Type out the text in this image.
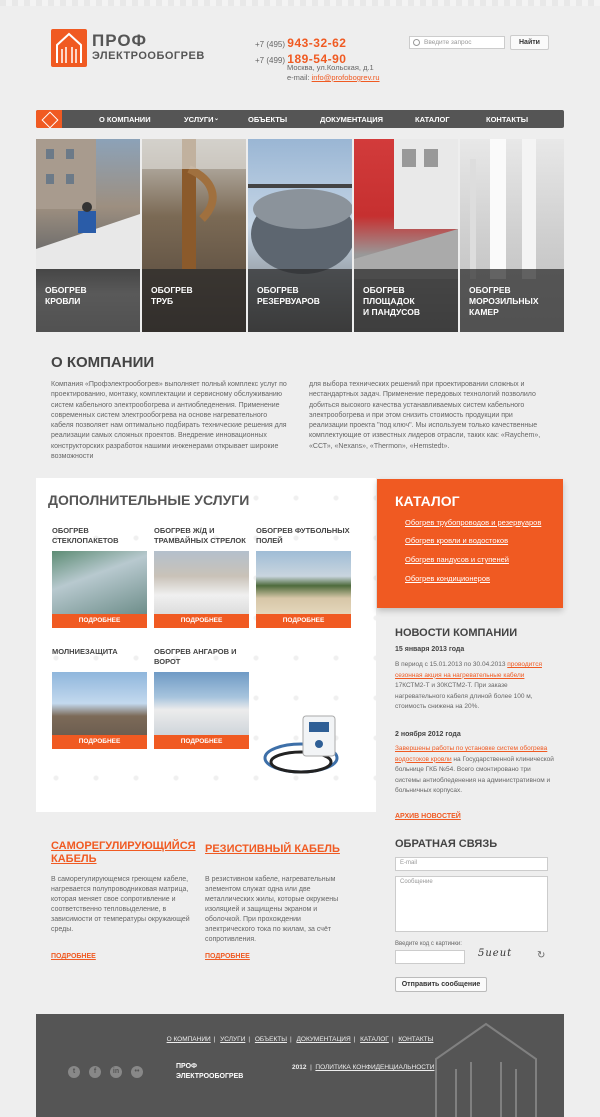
ПРОФ
ЭЛЕКТРООБОГРЕВ
+7 (495) 943-32-62
+7 (499) 189-54-90
Москва, ул.Кольская, д.1
e-mail: info@profobogrev.ru
Введите запрос	Найти
О КОМПАНИИ	УСЛУГИ ⌄	ОБЪЕКТЫ	ДОКУМЕНТАЦИЯ	КАТАЛОГ	КОНТАКТЫ
ОБОГРЕВ
КРОВЛИ
ОБОГРЕВ
ТРУБ
ОБОГРЕВ
РЕЗЕРВУАРОВ
ОБОГРЕВ
ПЛОЩАДОК
И ПАНДУСОВ
ОБОГРЕВ
МОРОЗИЛЬНЫХ
КАМЕР
О КОМПАНИИ
Компания «Профэлектрообогрев» выполняет полный комплекс услуг по проектированию, монтажу, комплектации и сервисному обслуживанию систем кабельного электрообогрева и антиобледенения. Применение современных систем электрообогрева на основе нагревательного кабеля позволяет нам оптимально подбирать технические решения для реализации самых сложных проектов. Внедрение инновационных конструкторских разработок нашими инженерами открывает широкие возможности
для выбора технических решений при проектировании сложных и нестандартных задач. Применение передовых технологий позволило добиться высокого качества устанавливаемых систем кабельного электрообогрева и при этом снизить стоимость продукции при реализации проекта "под ключ". Мы используем только качественные комплектующие от известных лидеров отрасли, таких как: «Raychem», «ССТ», «Nexans», «Thermon», «Hemstedt».
ДОПОЛНИТЕЛЬНЫЕ УСЛУГИ
ОБОГРЕВ СТЕКЛОПАКЕТОВ
ПОДРОБНЕЕ
ОБОГРЕВ Ж/Д И ТРАМВАЙНЫХ СТРЕЛОК
ПОДРОБНЕЕ
ОБОГРЕВ ФУТБОЛЬНЫХ ПОЛЕЙ
ПОДРОБНЕЕ
МОЛНИЕЗАЩИТА
ПОДРОБНЕЕ
ОБОГРЕВ АНГАРОВ И ВОРОТ
ПОДРОБНЕЕ
КАТАЛОГ
Обогрев трубопроводов и резервуаров
Обогрев кровли и водостоков
Обогрев пандусов и ступеней
Обогрев кондиционеров
НОВОСТИ КОМПАНИИ
15 января 2013 года
В период с 15.01.2013 по 30.04.2013 проводится сезонная акция на нагревательные кабели 17КСТМ2-Т и 30КСТМ2-Т. При заказе нагревательного кабеля длиной более 100 м, стоимость снижена на 20%.
2 ноября 2012 года
Завершены работы по установке систем обогрева водостоков кровли на Государственной клинической больнице ГКБ №54. Всего смонтировано три системы антиобледенения на административном и больничных корпусах.
АРХИВ НОВОСТЕЙ
САМОРЕГУЛИРУЮЩИЙСЯ КАБЕЛЬ
В саморегулирующемся греющем кабеле, нагревается полупроводниковая матрица, которая меняет свое сопротивление и соответственно тепловыделение, в зависимости от температуры окружающей среды.
ПОДРОБНЕЕ
РЕЗИСТИВНЫЙ КАБЕЛЬ
В резистивном кабеле, нагревательным элементом служат одна или две металлических жилы, которые окружены изоляцией и защищены экраном и оболочкой. При прохождении электрического тока по жилам, за счёт сопротивления.
ПОДРОБНЕЕ
ОБРАТНАЯ СВЯЗЬ
E-mail
Сообщение
Введите код с картинки:
5ueut	↻
Отправить сообщение
О КОМПАНИИ | УСЛУГИ | ОБЪЕКТЫ | ДОКУМЕНТАЦИЯ | КАТАЛОГ | КОНТАКТЫ
t	f	in	••
ПРОФ
ЭЛЕКТРООБОГРЕВ
2012  |  ПОЛИТИКА КОНФИДЕНЦИАЛЬНОСТИ
